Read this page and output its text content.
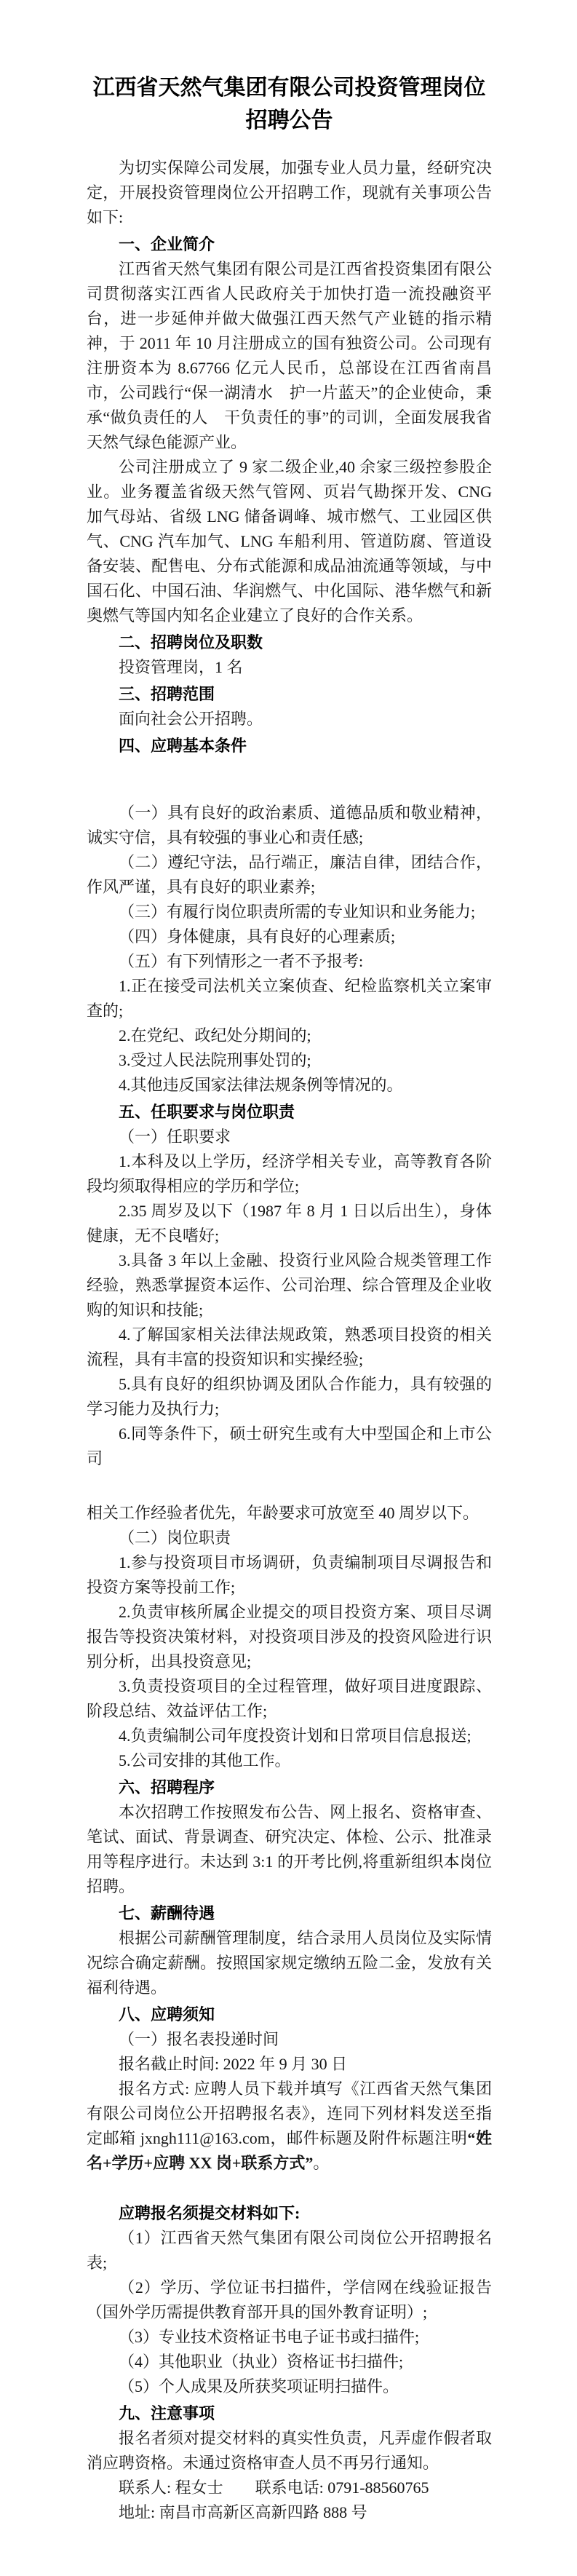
江西省天然气集团有限公司投资管理岗位招聘公告

为切实保障公司发展，加强专业人员力量，经研究决定，开展投资管理岗位公开招聘工作，现就有关事项公告如下:

一、企业简介

江西省天然气集团有限公司是江西省投资集团有限公司贯彻落实江西省人民政府关于加快打造一流投融资平台，进一步延伸并做大做强江西天然气产业链的指示精神，于 2011 年 10 月注册成立的国有独资公司。公司现有注册资本为 8.67766 亿元人民币，总部设在江西省南昌市，公司践行“保一湖清水　护一片蓝天”的企业使命，秉承“做负责任的人　干负责任的事”的司训，全面发展我省天然气绿色能源产业。

公司注册成立了 9 家二级企业,40 余家三级控参股企业。业务覆盖省级天然气管网、页岩气勘探开发、CNG 加气母站、省级 LNG 储备调峰、城市燃气、工业园区供气、CNG 汽车加气、LNG 车船利用、管道防腐、管道设备安装、配售电、分布式能源和成品油流通等领域，与中国石化、中国石油、华润燃气、中化国际、港华燃气和新奥燃气等国内知名企业建立了良好的合作关系。

二、招聘岗位及职数

投资管理岗，1 名

三、招聘范围

面向社会公开招聘。

四、应聘基本条件

（一）具有良好的政治素质、道德品质和敬业精神，诚实守信，具有较强的事业心和责任感;

（二）遵纪守法，品行端正，廉洁自律，团结合作，作风严谨，具有良好的职业素养;

（三）有履行岗位职责所需的专业知识和业务能力;

（四）身体健康，具有良好的心理素质;

（五）有下列情形之一者不予报考:

1.正在接受司法机关立案侦查、纪检监察机关立案审查的;

2.在党纪、政纪处分期间的;

3.受过人民法院刑事处罚的;

4.其他违反国家法律法规条例等情况的。

五、任职要求与岗位职责

（一）任职要求

1.本科及以上学历，经济学相关专业，高等教育各阶段均须取得相应的学历和学位;

2.35 周岁及以下（1987 年 8 月 1 日以后出生），身体健康，无不良嗜好;

3.具备 3 年以上金融、投资行业风险合规类管理工作经验，熟悉掌握资本运作、公司治理、综合管理及企业收购的知识和技能;

4.了解国家相关法律法规政策，熟悉项目投资的相关流程，具有丰富的投资知识和实操经验;

5.具有良好的组织协调及团队合作能力，具有较强的学习能力及执行力;

6.同等条件下，硕士研究生或有大中型国企和上市公司

相关工作经验者优先，年龄要求可放宽至 40 周岁以下。

（二）岗位职责

1.参与投资项目市场调研，负责编制项目尽调报告和投资方案等投前工作;

2.负责审核所属企业提交的项目投资方案、项目尽调报告等投资决策材料，对投资项目涉及的投资风险进行识别分析，出具投资意见;

3.负责投资项目的全过程管理，做好项目进度跟踪、阶段总结、效益评估工作;

4.负责编制公司年度投资计划和日常项目信息报送;

5.公司安排的其他工作。

六、招聘程序

本次招聘工作按照发布公告、网上报名、资格审查、笔试、面试、背景调查、研究决定、体检、公示、批准录用等程序进行。未达到 3:1 的开考比例,将重新组织本岗位招聘。

七、薪酬待遇

根据公司薪酬管理制度，结合录用人员岗位及实际情况综合确定薪酬。按照国家规定缴纳五险二金，发放有关福利待遇。

八、应聘须知

（一）报名表投递时间

报名截止时间: 2022 年 9 月 30 日

报名方式: 应聘人员下载并填写《江西省天然气集团有限公司岗位公开招聘报名表》，连同下列材料发送至指定邮箱 jxngh111@163.com，邮件标题及附件标题注明“姓名+学历+应聘 XX 岗+联系方式”。

应聘报名须提交材料如下:

（1）江西省天然气集团有限公司岗位公开招聘报名表;

（2）学历、学位证书扫描件，学信网在线验证报告（国外学历需提供教育部开具的国外教育证明）;

（3）专业技术资格证书电子证书或扫描件;

（4）其他职业（执业）资格证书扫描件;

（5）个人成果及所获奖项证明扫描件。

九、注意事项

报名者须对提交材料的真实性负责，凡弄虚作假者取消应聘资格。未通过资格审查人员不再另行通知。

联系人: 程女士　　联系电话: 0791-88560765

地址: 南昌市高新区高新四路 888 号
